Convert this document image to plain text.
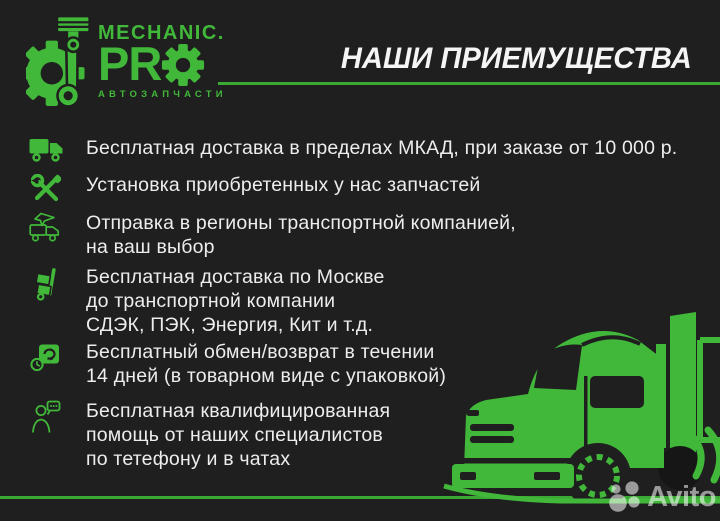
MECHANIC.
PR
АВТОЗАПЧАСТИ
НАШИ ПРИЕМУЩЕСТВА
Бесплатная доставка в пределах МКАД, при заказе от 10 000 р.
Установка приобретенных у нас запчастей
Отправка в регионы транспортной компанией,
на ваш выбор
Бесплатная доставка по Москве
до транспортной компании
СДЭК, ПЭК, Энергия, Кит и т.д.
Бесплатный обмен/возврат в течении
14 дней (в товарном виде с упаковкой)
Бесплатная квалифицированная
помощь от наших специалистов
по тетефону и в чатах
Avito
